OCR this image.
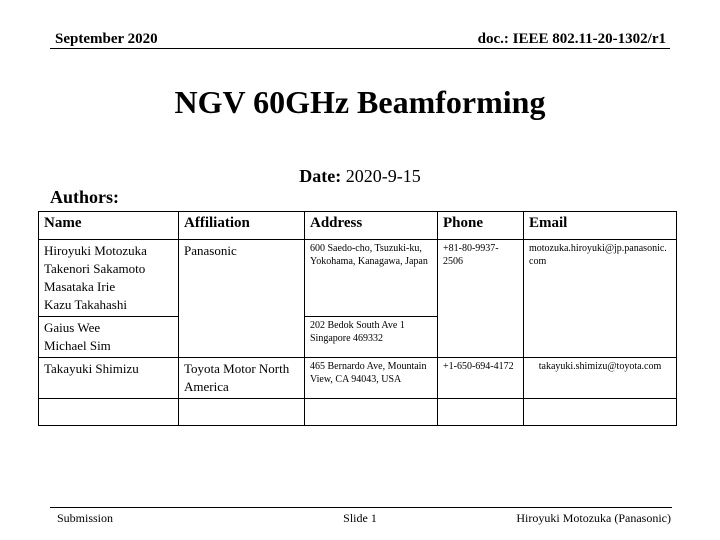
September 2020	doc.: IEEE 802.11-20-1302/r1
NGV 60GHz Beamforming
Date: 2020-9-15
Authors:
Name	Affiliation	Address	Phone	Email

Hiroyuki Motozuka
Takenori Sakamoto
Masataka Irie
Kazu Takahashi	Panasonic	600 Saedo-cho, Tsuzuki-ku, Yokohama, Kanagawa, Japan	+81-80-9937-2506	motozuka.hiroyuki@jp.panasonic.com

Gaius Wee
Michael Sim		202 Bedok South Ave 1 Singapore 469332		

Takayuki Shimizu	Toyota Motor North America	465 Bernardo Ave, Mountain View, CA 94043, USA	+1-650-694-4172	takayuki.shimizu@toyota.com

Submission	Slide 1	Hiroyuki Motozuka (Panasonic)
